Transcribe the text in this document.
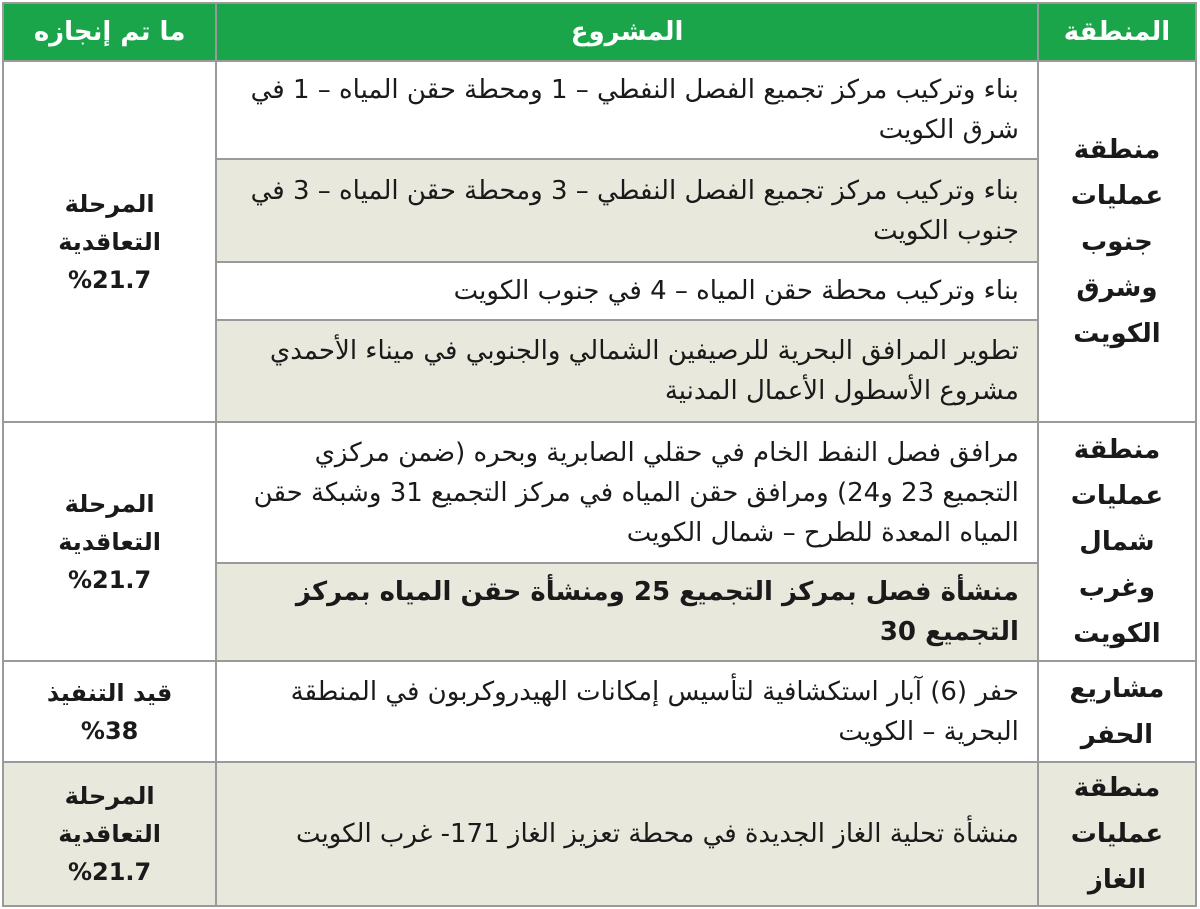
المنطقة	المشروع	ما تم إنجازه
منطقة عمليات جنوب وشرق الكويت	بناء وتركيب مركز تجميع الفصل النفطي – 1 ومحطة حقن المياه – 1 في شرق الكويت	المرحلة التعاقدية 21.7%
	بناء وتركيب مركز تجميع الفصل النفطي – 3 ومحطة حقن المياه – 3 في جنوب الكويت	
	بناء وتركيب محطة حقن المياه – 4 في جنوب الكويت	
	تطوير المرافق البحرية للرصيفين الشمالي والجنوبي في ميناء الأحمدي مشروع الأسطول الأعمال المدنية	
منطقة عمليات شمال وغرب الكويت	مرافق فصل النفط الخام في حقلي الصابرية وبحره (ضمن مركزي التجميع 23 و24) ومرافق حقن المياه في مركز التجميع 31 وشبكة حقن المياه المعدة للطرح – شمال الكويت	المرحلة التعاقدية 21.7%
	منشأة فصل بمركز التجميع 25 ومنشأة حقن المياه بمركز التجميع 30	
مشاريع الحفر	حفر (6) آبار استكشافية لتأسيس إمكانات الهيدروكربون في المنطقة البحرية – الكويت	قيد التنفيذ 38%
منطقة عمليات الغاز	منشأة تحلية الغاز الجديدة في محطة تعزيز الغاز 171- غرب الكويت	المرحلة التعاقدية 21.7%
